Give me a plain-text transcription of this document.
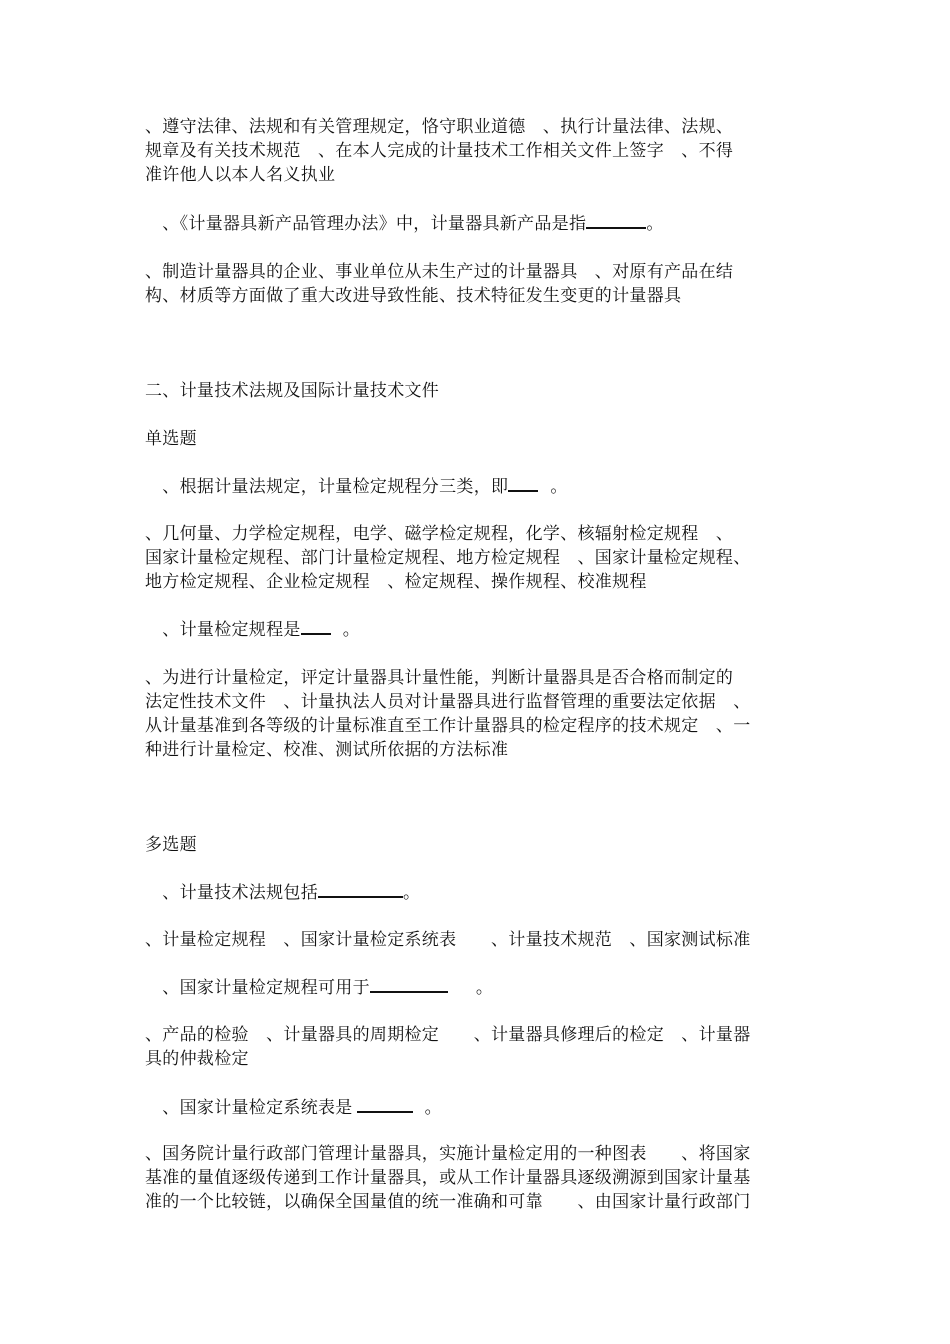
、遵守法律、法规和有关管理规定，恪守职业道德　、执行计量法律、法规、
规章及有关技术规范　、在本人完成的计量技术工作相关文件上签字　、不得
准许他人以本人名义执业

　、《计量器具新产品管理办法》中，计量器具新产品是指	。

、制造计量器具的企业、事业单位从未生产过的计量器具　、对原有产品在结
构、材质等方面做了重大改进导致性能、技术特征发生变更的计量器具

二、计量技术法规及国际计量技术文件

单选题

　、根据计量法规定，计量检定规程分三类，即 。

、几何量、力学检定规程，电学、磁学检定规程，化学、核辐射检定规程　、
国家计量检定规程、部门计量检定规程、地方检定规程　、国家计量检定规程、
地方检定规程、企业检定规程　、检定规程、操作规程、校准规程

　、计量检定规程是 。

、为进行计量检定，评定计量器具计量性能，判断计量器具是否合格而制定的
法定性技术文件　、计量执法人员对计量器具进行监督管理的重要法定依据　、
从计量基准到各等级的计量标准直至工作计量器具的检定程序的技术规定　、一
种进行计量检定、校准、测试所依据的方法标准

多选题

　、计量技术法规包括	。

、计量检定规程　、国家计量检定系统表　　、计量技术规范　、国家测试标准

　、国家计量检定规程可用于	。

、产品的检验　、计量器具的周期检定　　、计量器具修理后的检定　、计量器
具的仲裁检定

　、国家计量检定系统表是	。

、国务院计量行政部门管理计量器具，实施计量检定用的一种图表　　、将国家
基准的量值逐级传递到工作计量器具，或从工作计量器具逐级溯源到国家计量基
准的一个比较链，以确保全国量值的统一准确和可靠　　、由国家计量行政部门
